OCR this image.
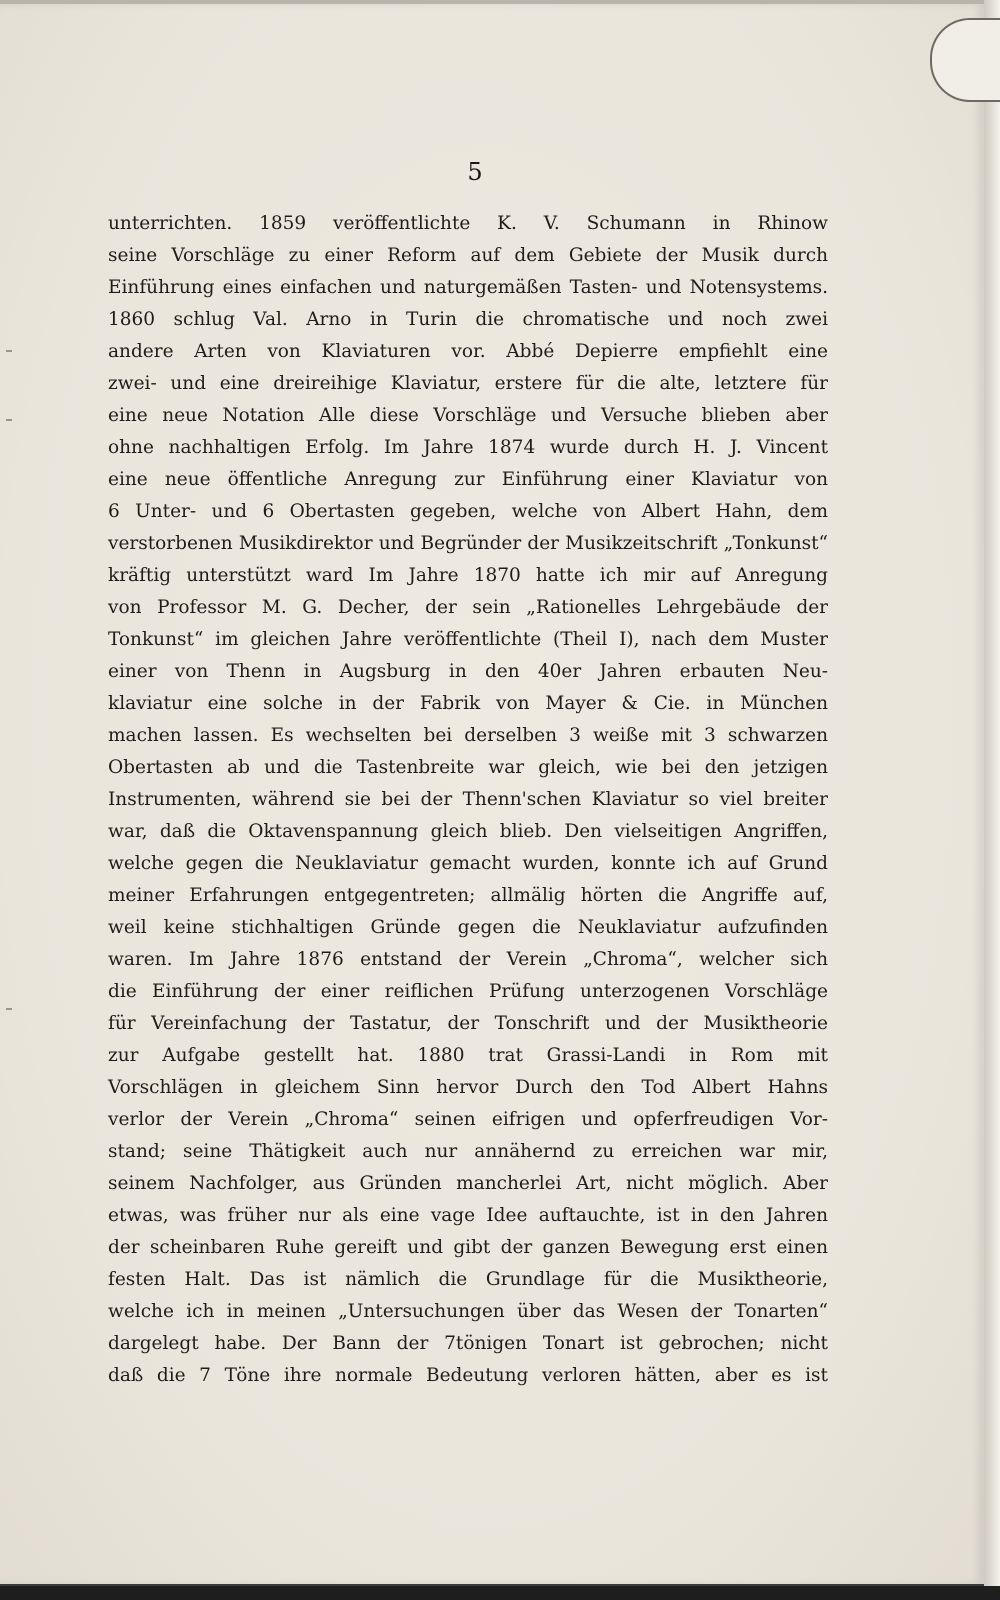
5
unterrichten. 1859 veröffentlichte K. V. Schumann in Rhinow
seine Vorschläge zu einer Reform auf dem Gebiete der Musik durch
Einführung eines einfachen und naturgemäßen Tasten- und Notensystems.
1860 schlug Val. Arno in Turin die chromatische und noch zwei
andere Arten von Klaviaturen vor. Abbé Depierre empfiehlt eine
zwei- und eine dreireihige Klaviatur, erstere für die alte, letztere für
eine neue Notation Alle diese Vorschläge und Versuche blieben aber
ohne nachhaltigen Erfolg. Im Jahre 1874 wurde durch H. J. Vincent
eine neue öffentliche Anregung zur Einführung einer Klaviatur von
6 Unter- und 6 Obertasten gegeben, welche von Albert Hahn, dem
verstorbenen Musikdirektor und Begründer der Musikzeitschrift „Tonkunst“
kräftig unterstützt ward Im Jahre 1870 hatte ich mir auf Anregung
von Professor M. G. Decher, der sein „Rationelles Lehrgebäude der
Tonkunst“ im gleichen Jahre veröffentlichte (Theil I), nach dem Muster
einer von Thenn in Augsburg in den 40er Jahren erbauten Neu-
klaviatur eine solche in der Fabrik von Mayer & Cie. in München
machen lassen. Es wechselten bei derselben 3 weiße mit 3 schwarzen
Obertasten ab und die Tastenbreite war gleich, wie bei den jetzigen
Instrumenten, während sie bei der Thenn'schen Klaviatur so viel breiter
war, daß die Oktavenspannung gleich blieb. Den vielseitigen Angriffen,
welche gegen die Neuklaviatur gemacht wurden, konnte ich auf Grund
meiner Erfahrungen entgegentreten; allmälig hörten die Angriffe auf,
weil keine stichhaltigen Gründe gegen die Neuklaviatur aufzufinden
waren. Im Jahre 1876 entstand der Verein „Chroma“, welcher sich
die Einführung der einer reiflichen Prüfung unterzogenen Vorschläge
für Vereinfachung der Tastatur, der Tonschrift und der Musiktheorie
zur Aufgabe gestellt hat. 1880 trat Grassi-Landi in Rom mit
Vorschlägen in gleichem Sinn hervor Durch den Tod Albert Hahns
verlor der Verein „Chroma“ seinen eifrigen und opferfreudigen Vor-
stand; seine Thätigkeit auch nur annähernd zu erreichen war mir,
seinem Nachfolger, aus Gründen mancherlei Art, nicht möglich. Aber
etwas, was früher nur als eine vage Idee auftauchte, ist in den Jahren
der scheinbaren Ruhe gereift und gibt der ganzen Bewegung erst einen
festen Halt. Das ist nämlich die Grundlage für die Musiktheorie,
welche ich in meinen „Untersuchungen über das Wesen der Tonarten“
dargelegt habe. Der Bann der 7tönigen Tonart ist gebrochen; nicht
daß die 7 Töne ihre normale Bedeutung verloren hätten, aber es ist
